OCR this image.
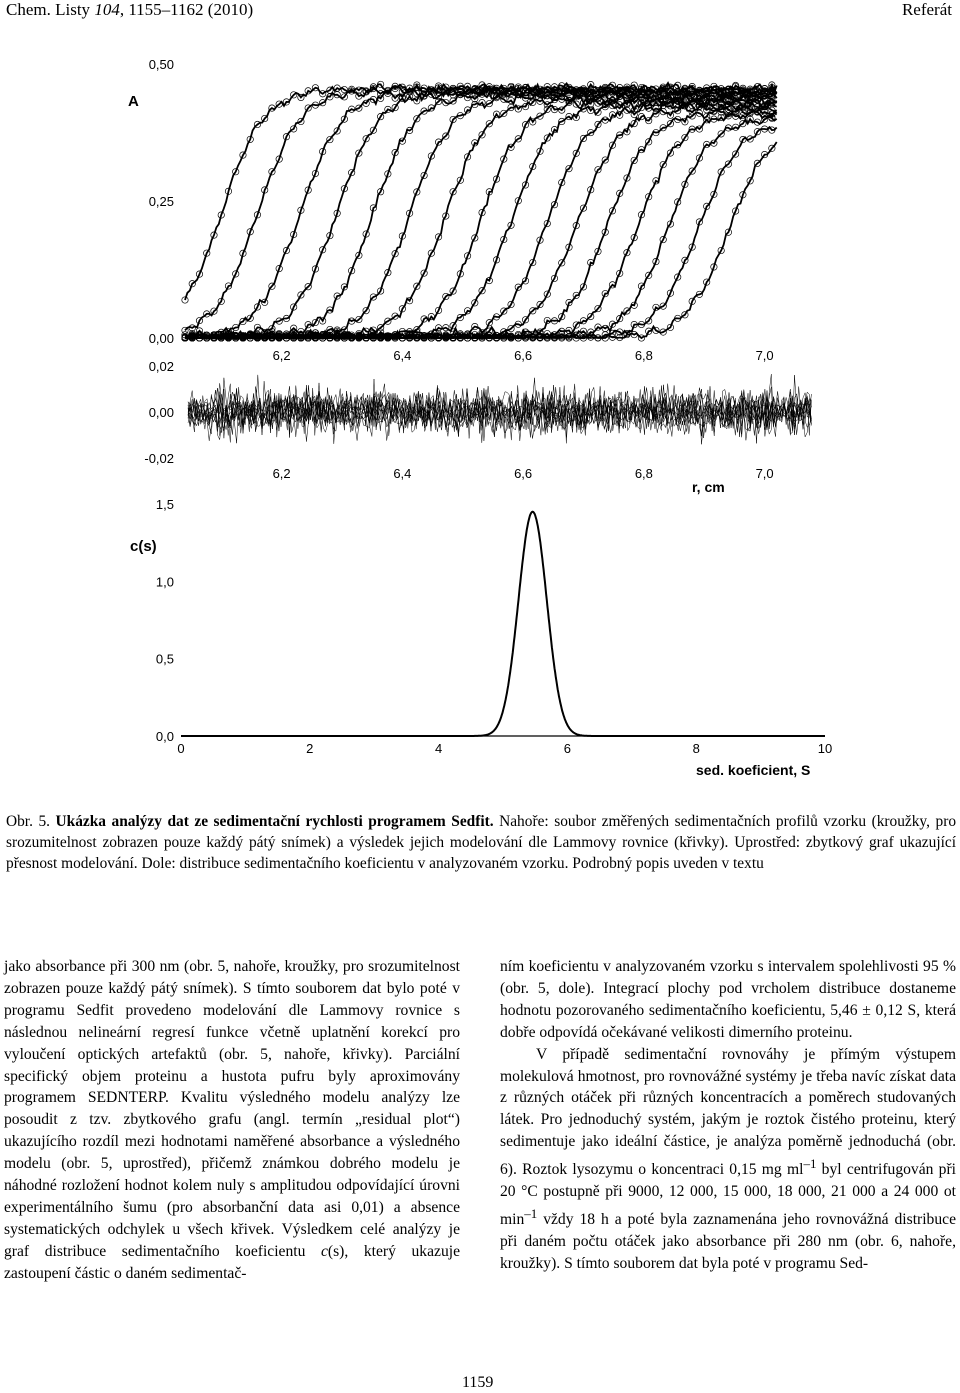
Chem. Listy 104, 1155–1162 (2010)	Referát
A
0,50
0,25
0,00
6,2	6,4	6,6	6,8	7,0
0,02
0,00
-0,02
6,2	6,4	6,6	6,8	7,0
r, cm
c(s)
0,0
0,5
1,0
1,5
0	2	4	6	8	10
sed. koeficient, S
Obr. 5. Ukázka analýzy dat ze sedimentační rychlosti programem Sedfit. Nahoře: soubor změřených sedimentačních profilů vzorku (kroužky, pro srozumitelnost zobrazen pouze každý pátý snímek) a výsledek jejich modelování dle Lammovy rovnice (křivky). Uprostřed: zbytkový graf ukazující přesnost modelování. Dole: distribuce sedimentačního koeficientu v analyzovaném vzorku. Podrobný popis uveden v textu

jako absorbance při 300 nm (obr. 5, nahoře, kroužky, pro srozumitelnost zobrazen pouze každý pátý snímek). S tímto souborem dat bylo poté v programu Sedfit provedeno modelování dle Lammovy rovnice s následnou nelineární regresí funkce včetně uplatnění korekcí pro vyloučení optických artefaktů (obr. 5, nahoře, křivky). Parciální specifický objem proteinu a hustota pufru byly aproximovány programem SEDNTERP. Kvalitu výsledného modelu analýzy lze posoudit z tzv. zbytkového grafu (angl. termín „residual plot“) ukazujícího rozdíl mezi hodnotami naměřené absorbance a výsledného modelu (obr. 5, uprostřed), přičemž známkou dobrého modelu je náhodné rozložení hodnot kolem nuly s amplitudou odpovídající úrovni experimentálního šumu (pro absorbanční data asi 0,01) a absence systematických odchylek u všech křivek. Výsledkem celé analýzy je graf distribuce sedimentačního koeficientu c(s), který ukazuje zastoupení částic o daném sedimentač-

ním koeficientu v analyzovaném vzorku s intervalem spolehlivosti 95 % (obr. 5, dole). Integrací plochy pod vrcholem distribuce dostaneme hodnotu pozorovaného sedimentačního koeficientu, 5,46 ± 0,12 S, která dobře odpovídá očekávané velikosti dimerního proteinu.

V případě sedimentační rovnováhy je přímým výstupem molekulová hmotnost, pro rovnovážné systémy je třeba navíc získat data z různých otáček při různých koncentracích a poměrech studovaných látek. Pro jednoduchý systém, jakým je roztok čistého proteinu, který sedimentuje jako ideální částice, je analýza poměrně jednoduchá (obr. 6). Roztok lysozymu o koncentraci 0,15 mg $ml^{-1}$ byl centrifugován při 20 °C postupně při 9000, 12 000, 15 000, 18 000, 21 000 a 24 000 ot $\min^{-1}$ vždy 18 h a poté byla zaznamenána jeho rovnovážná distribuce při daném počtu otáček jako absorbance při 280 nm (obr. 6, nahoře, kroužky). S tímto souborem dat byla poté v programu Sed-

1159
